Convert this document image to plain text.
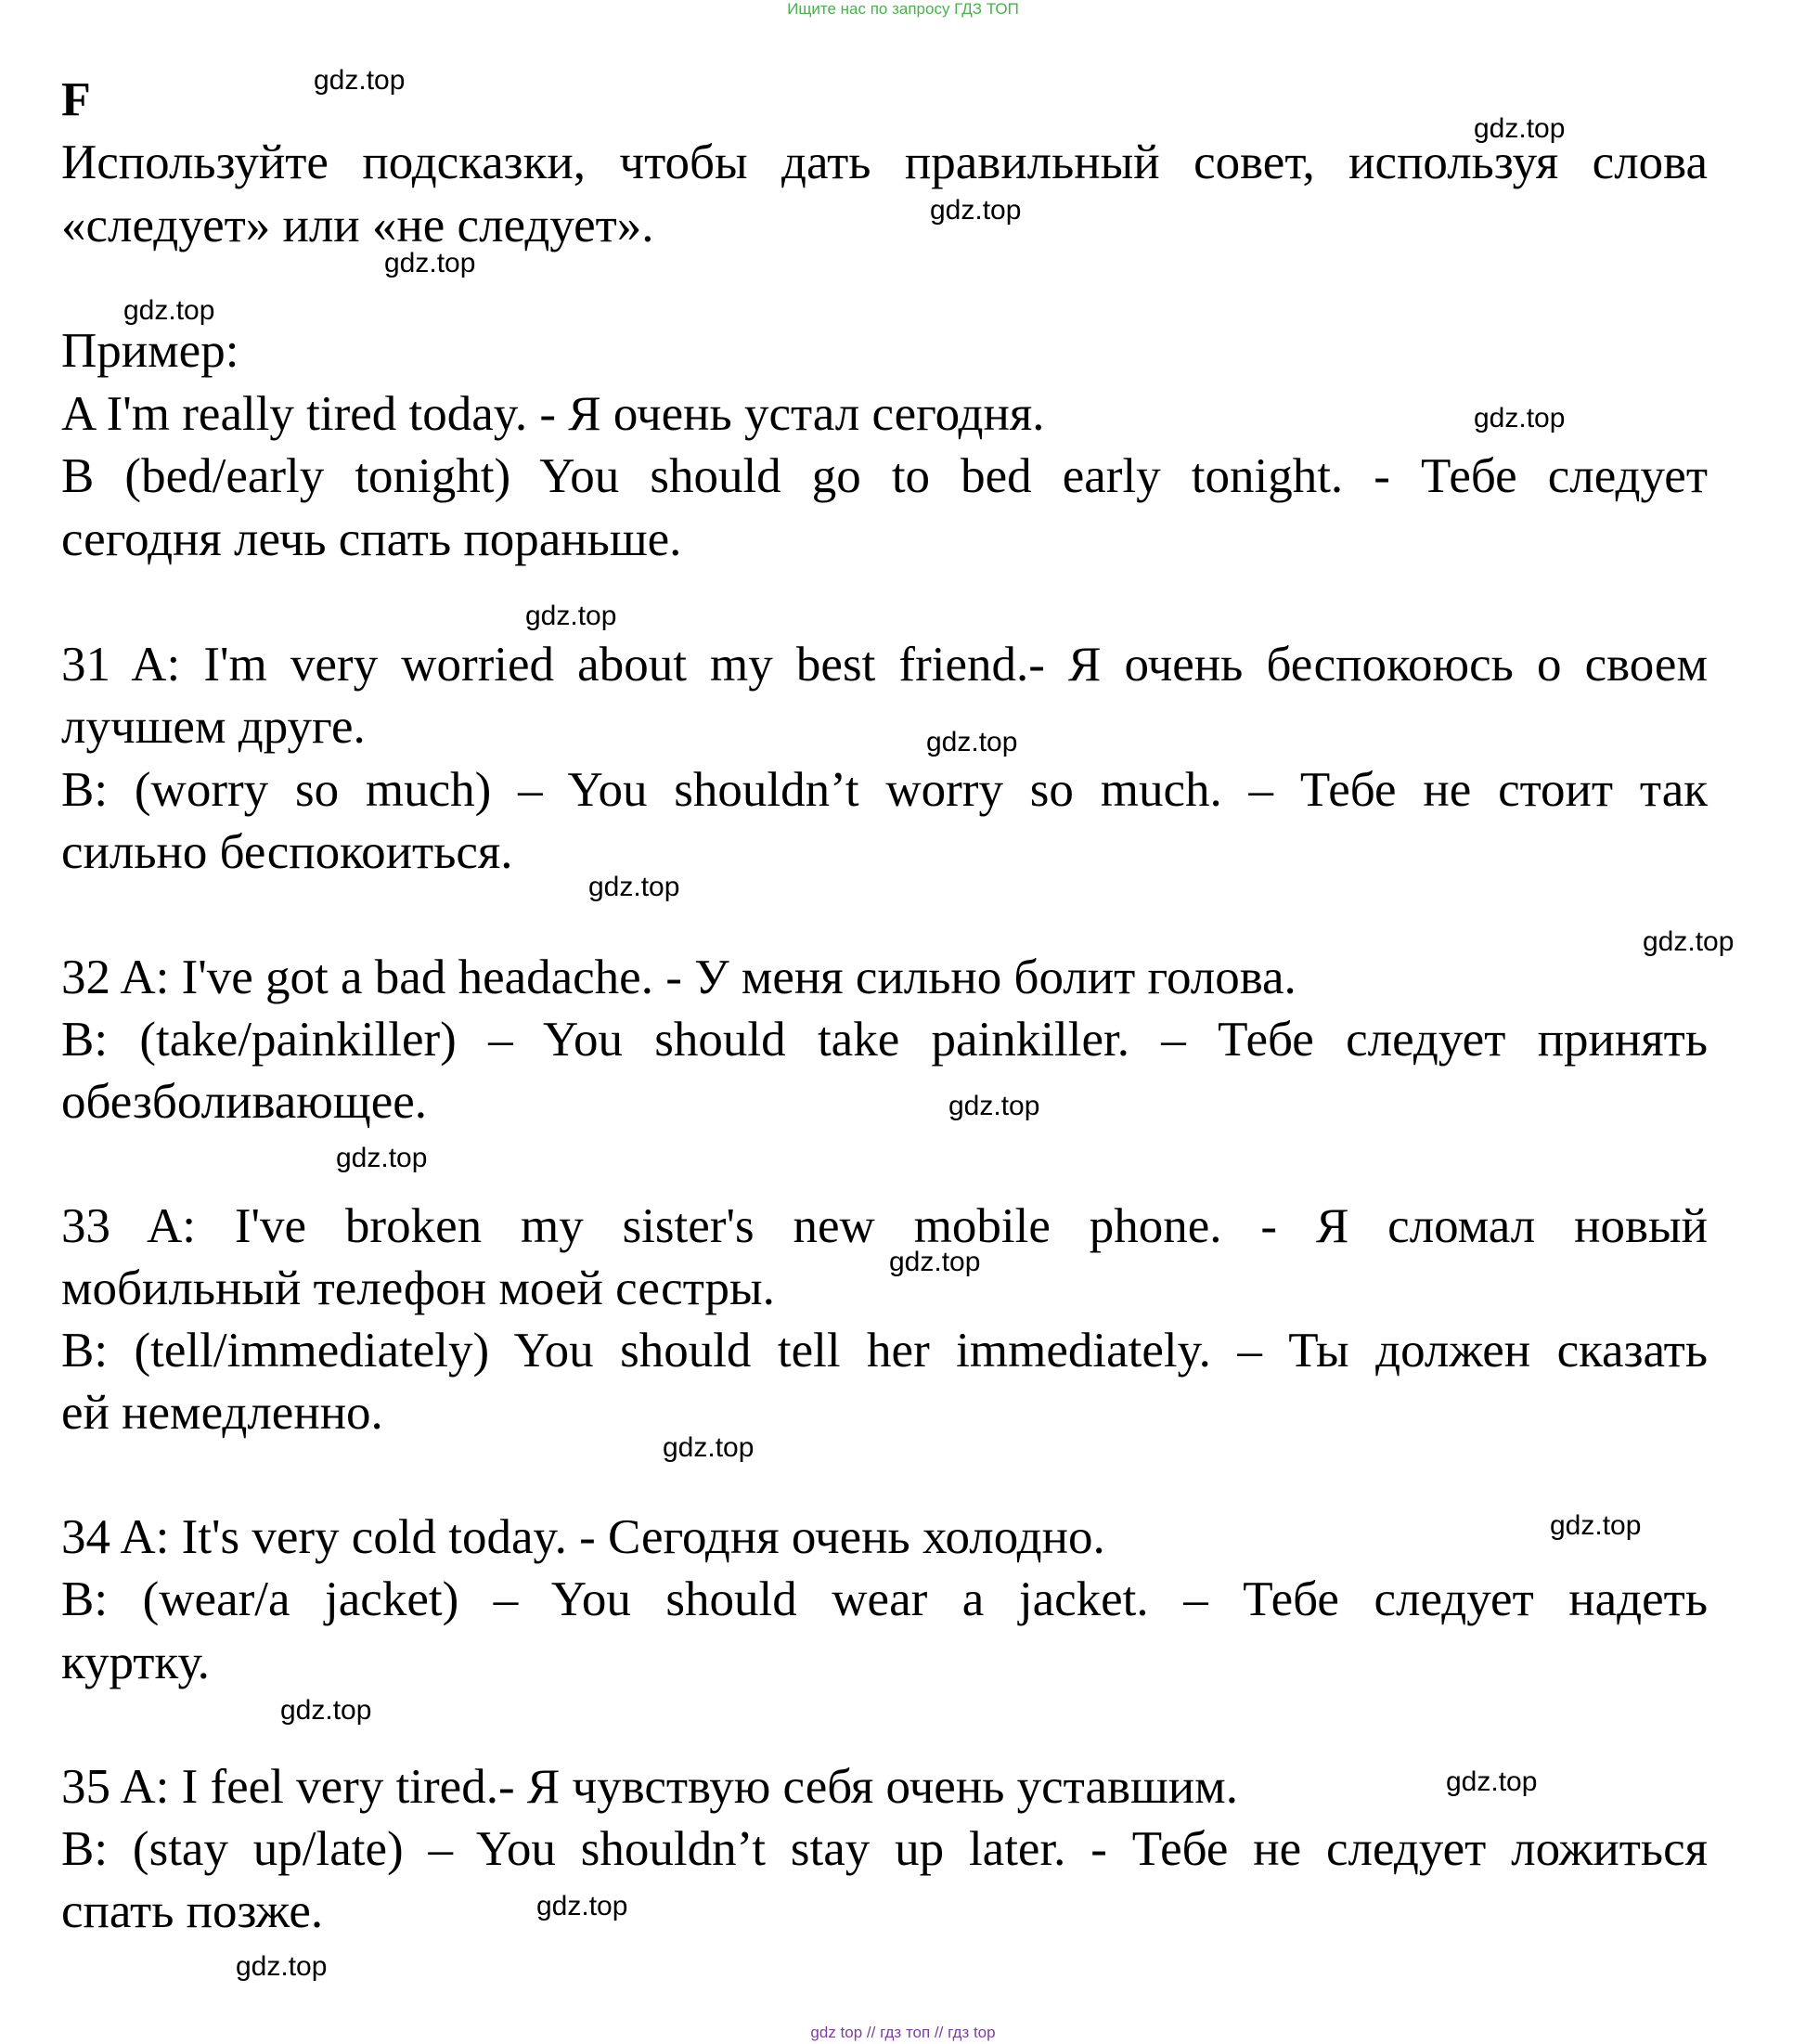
Ищите нас по запросу ГДЗ ТОП
F
Используйте подсказки, чтобы дать правильный совет, используя слова
«следует» или «не следует».
Пример:
A I'm really tired today. - Я очень устал сегодня.
B (bed/early tonight) You should go to bed early tonight. - Тебе следует
сегодня лечь спать пораньше.
31 A: I'm very worried about my best friend.- Я очень беспокоюсь о своем
лучшем друге.
B: (worry so much) – You shouldn’t worry so much. – Тебе не стоит так
сильно беспокоиться.
32 A: I've got a bad headache. - У меня сильно болит голова.
B: (take/painkiller) – You should take painkiller. – Тебе следует принять
обезболивающее.
33 A: I've broken my sister's new mobile phone. - Я сломал новый
мобильный телефон моей сестры.
B: (tell/immediately) You should tell her immediately. – Ты должен сказать
ей немедленно.
34 A: It's very cold today. - Сегодня очень холодно.
B: (wear/a jacket) – You should wear a jacket. – Тебе следует надеть
куртку.
35 A: I feel very tired.- Я чувствую себя очень уставшим.
B: (stay up/late) – You shouldn’t stay up later. - Тебе не следует ложиться
спать позже.
gdz.top
gdz.top
gdz.top
gdz.top
gdz.top
gdz.top
gdz.top
gdz.top
gdz.top
gdz.top
gdz.top
gdz.top
gdz.top
gdz.top
gdz.top
gdz.top
gdz.top
gdz.top
gdz.top
gdz top // гдз топ // гдз top
